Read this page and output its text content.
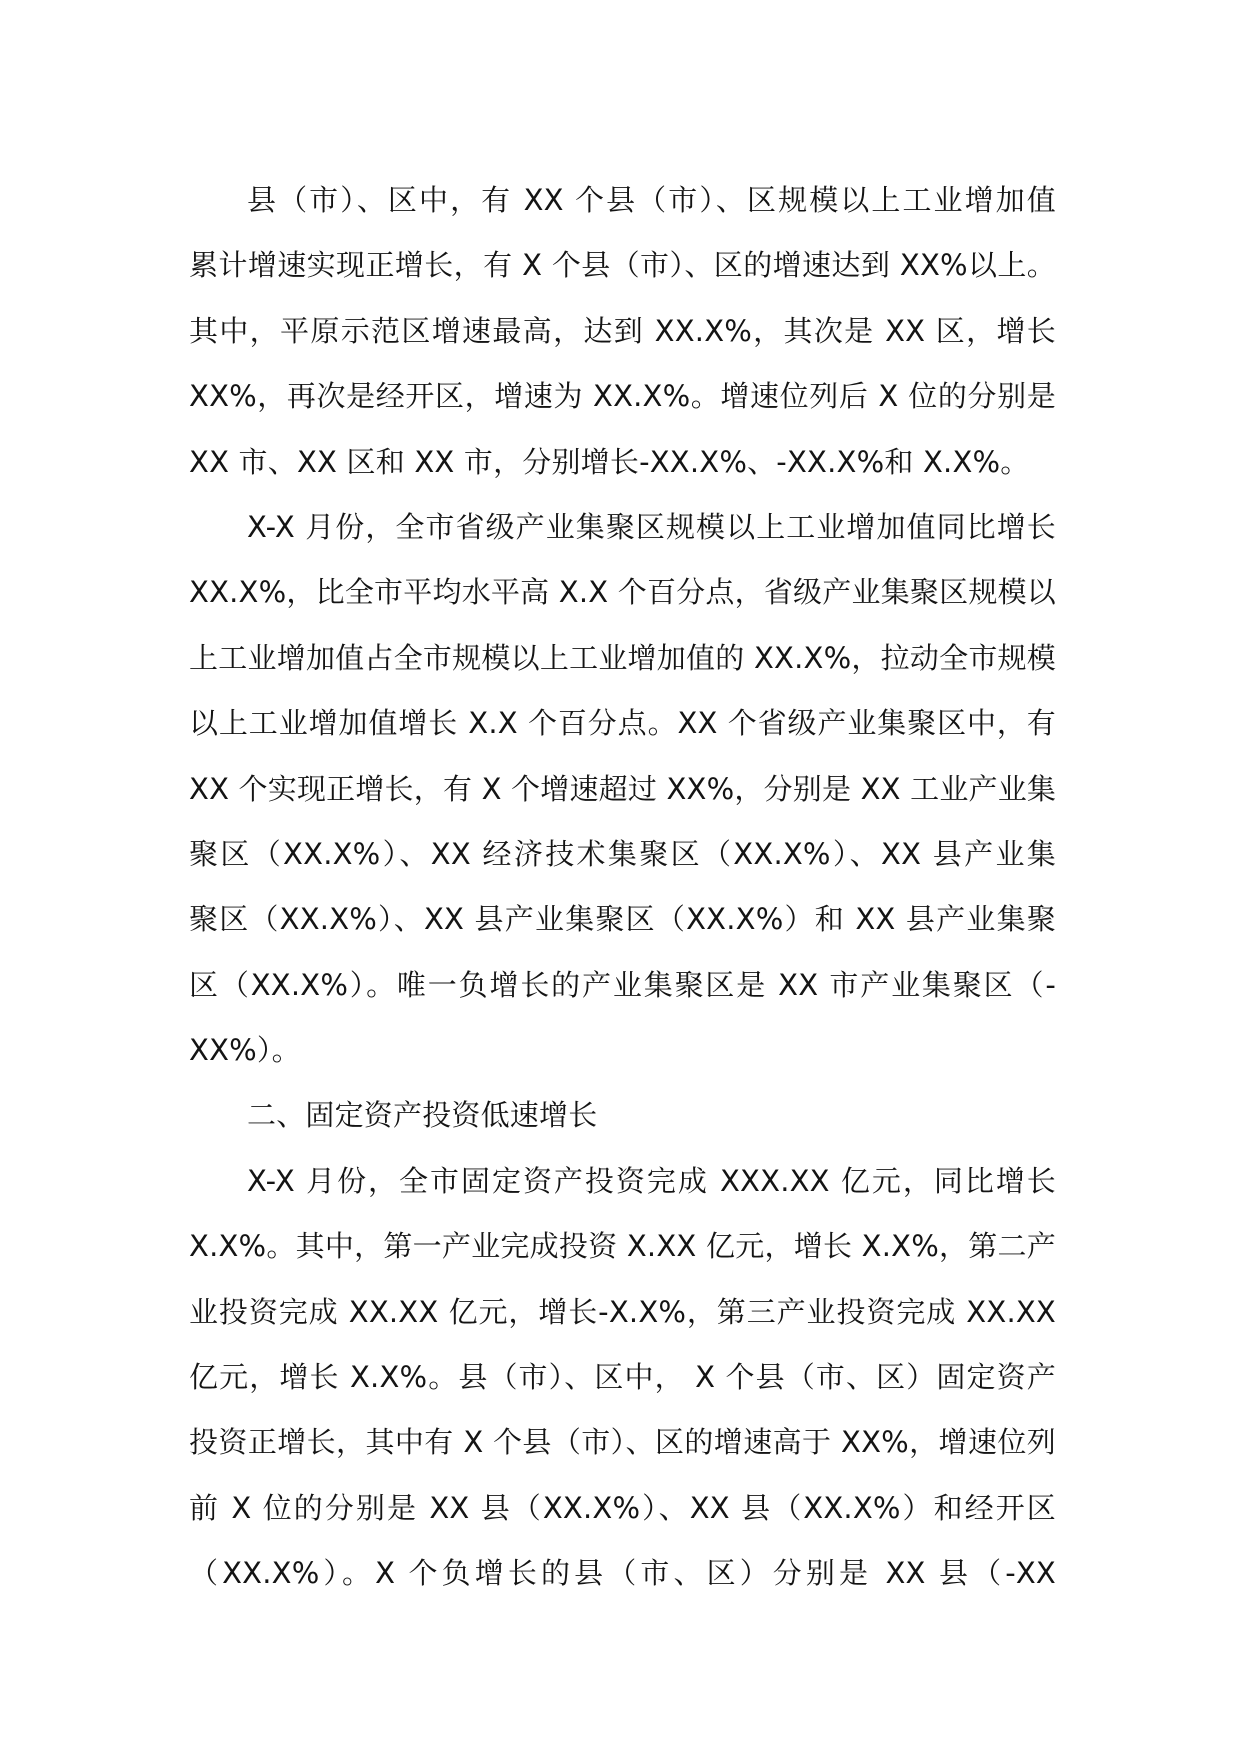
县（市）、区中，有 XX 个县（市）、区规模以上工业增加值
累计增速实现正增长，有 X 个县（市）、区的增速达到 XX%以上。
其中，平原示范区增速最高，达到 XX.X%，其次是 XX 区，增长
XX%，再次是经开区，增速为 XX.X%。增速位列后 X 位的分别是
XX 市、XX 区和 XX 市，分别增长-XX.X%、-XX.X%和 X.X%。
X-X 月份，全市省级产业集聚区规模以上工业增加值同比增长
XX.X%，比全市平均水平高 X.X 个百分点，省级产业集聚区规模以
上工业增加值占全市规模以上工业增加值的 XX.X%，拉动全市规模
以上工业增加值增长 X.X 个百分点。XX 个省级产业集聚区中，有
XX 个实现正增长，有 X 个增速超过 XX%，分别是 XX 工业产业集
聚区（XX.X%）、XX 经济技术集聚区（XX.X%）、XX 县产业集
聚区（XX.X%）、XX 县产业集聚区（XX.X%）和 XX 县产业集聚
区（XX.X%）。唯一负增长的产业集聚区是 XX 市产业集聚区（-
XX%）。
二、固定资产投资低速增长
X-X 月份，全市固定资产投资完成 XXX.XX 亿元，同比增长
X.X%。其中，第一产业完成投资 X.XX 亿元，增长 X.X%，第二产
业投资完成 XX.XX 亿元，增长-X.X%，第三产业投资完成 XX.XX
亿元，增长 X.X%。县（市）、区中， X 个县（市、区）固定资产
投资正增长，其中有 X 个县（市）、区的增速高于 XX%，增速位列
前 X 位的分别是 XX 县（XX.X%）、XX 县（XX.X%）和经开区
（XX.X%）。X 个负增长的县（市、区）分别是 XX 县（-XX
